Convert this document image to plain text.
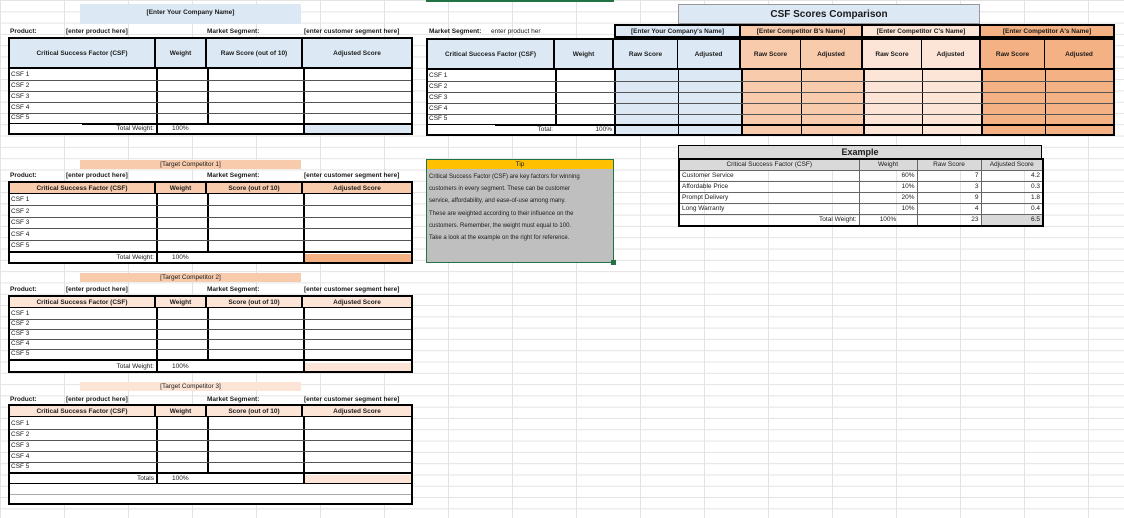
[Enter Your Company Name]
Product:	[enter product here]	Market Segment:	[enter customer segment here]
Critical Success Factor (CSF)	Weight	Raw Score (out of 10)	Adjusted Score
CSF 1
CSF 2
CSF 3
CSF 4
CSF 5
Total Weight:	100%
[Target Competitor 1]
Product:	[enter product here]	Market Segment:	[enter customer segment here]
Critical Success Factor (CSF)	Weight	Score (out of 10)	Adjusted Score
CSF 1
CSF 2
CSF 3
CSF 4
CSF 5
Total Weight:	100%
[Target Competitor 2]
Product:	[enter product here]	Market Segment:	[enter customer segment here]
Critical Success Factor (CSF)	Weight	Score (out of 10)	Adjusted Score
CSF 1
CSF 2
CSF 3
CSF 4
CSF 5
Total Weight:	100%
[Target Competitor 3]
Product:	[enter product here]	Market Segment:	[enter customer segment here]
Critical Success Factor (CSF)	Weight	Score (out of 10)	Adjusted Score
CSF 1
CSF 2
CSF 3
CSF 4
CSF 5
Totals	100%
CSF Scores Comparison
Market Segment: enter product her	[Enter Your Company's Name]	[Enter Competitor B's Name]	[Enter Competitor C's Name]	[Enter Competitor A's Name]
Critical Success Factor (CSF)	Weight	Raw Score	Adjusted	Raw Score	Adjusted	Raw Score	Adjusted	Raw Score	Adjusted
CSF 1
CSF 2
CSF 3
CSF 4
CSF 5
Total:	100%
Tip
Critical Success Factor (CSF) are key factors for winning
customers in every segment. These can be customer
service, affordability, and ease-of-use among many.
These are weighted according to their influence on the
customers. Remember, the weight must equal to 100.
Take a look at the example on the right for reference.
Example
Critical Success Factor (CSF)	Weight	Raw Score	Adjusted Score
Customer Service	60%	7	4.2
Affordable Price	10%	3	0.3
Prompt Delivery	20%	9	1.8
Long Warranty	10%	4	0.4
Total Weight:	100%	23	6.5
